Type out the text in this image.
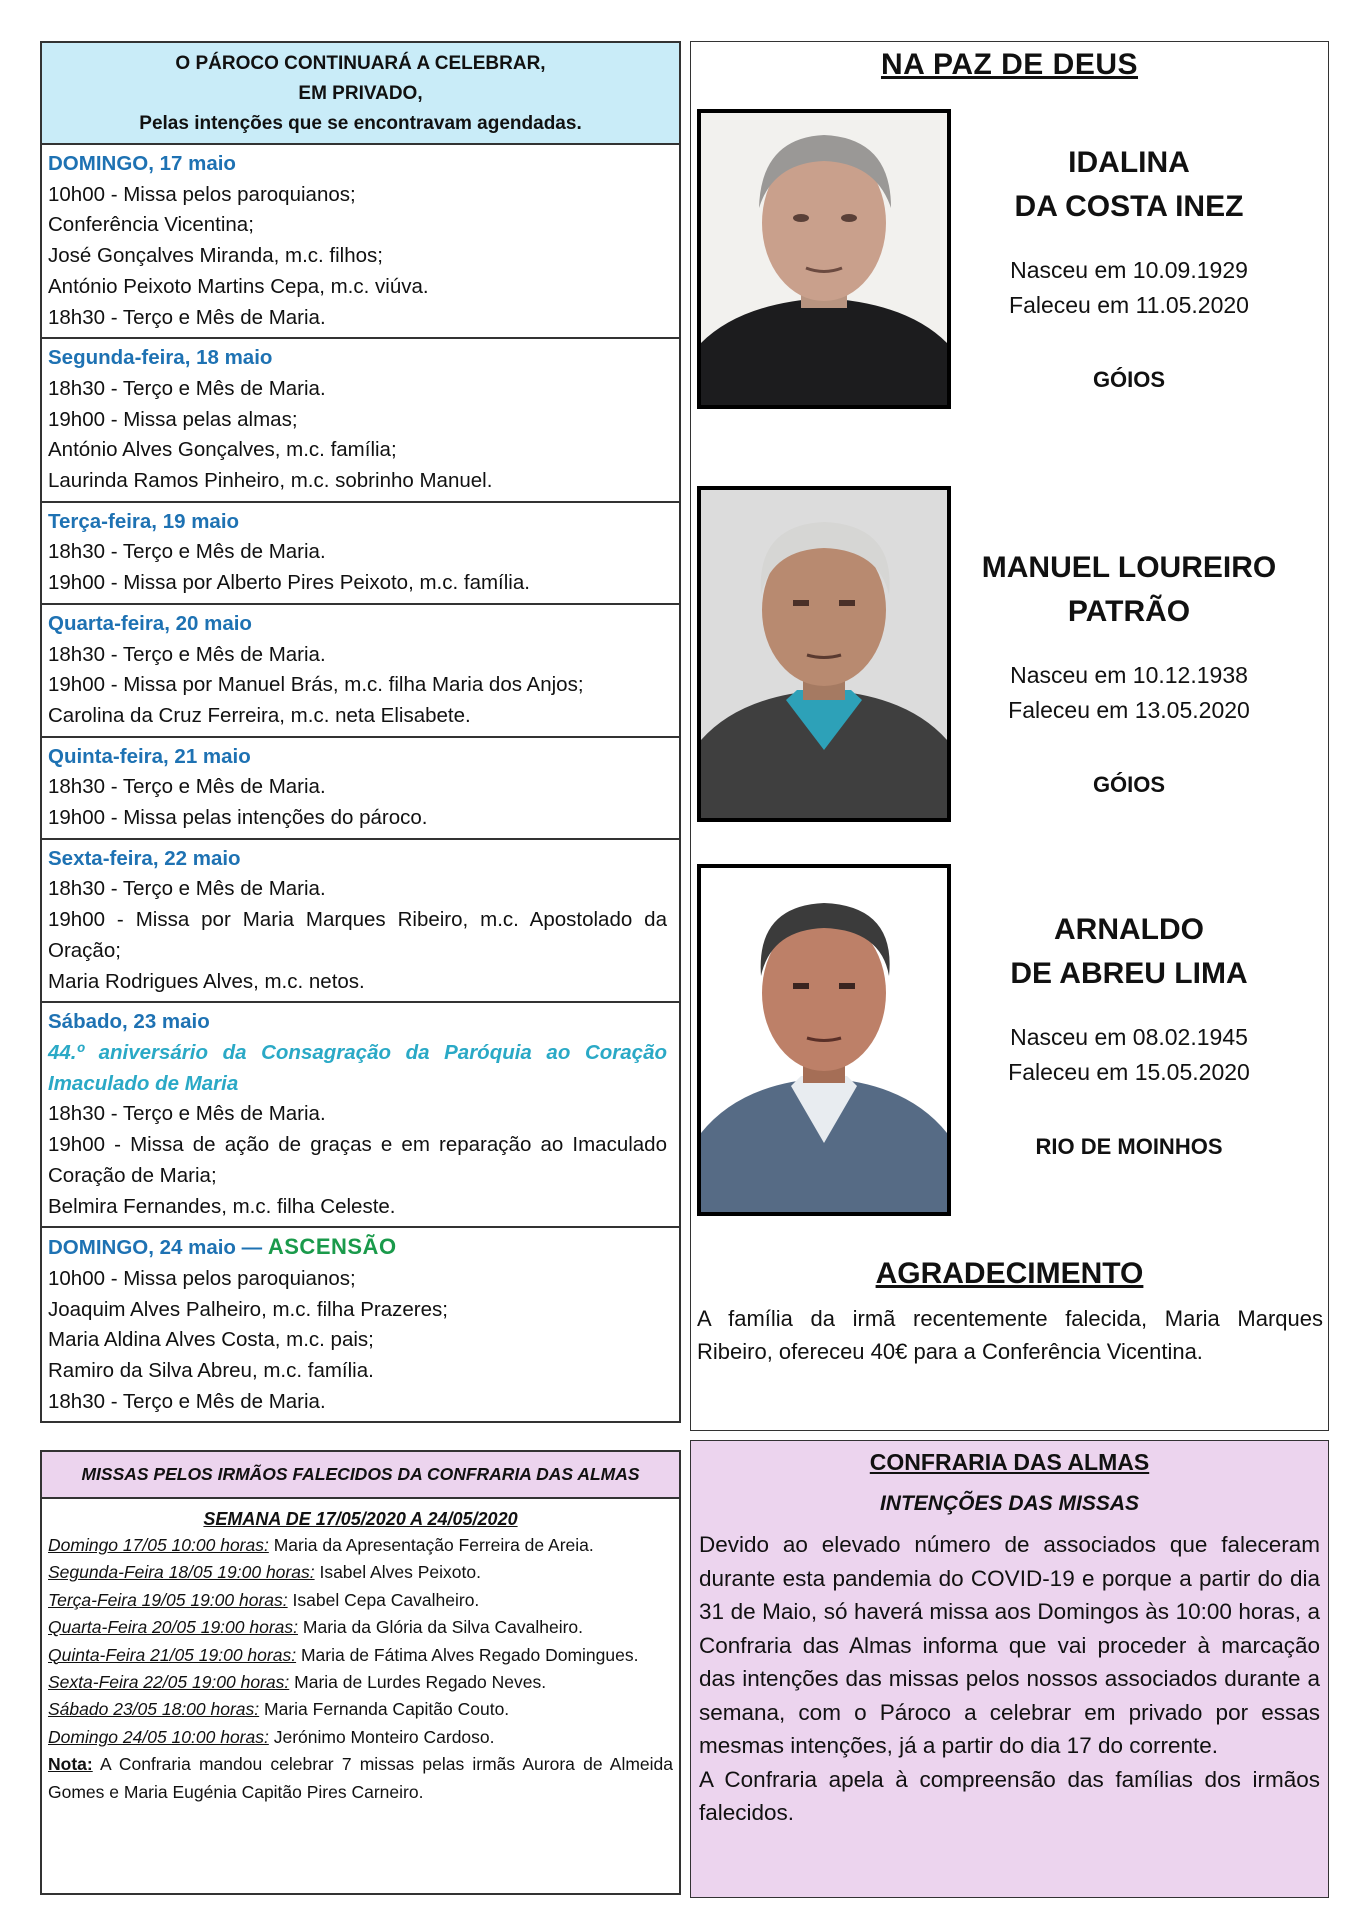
O PÁROCO CONTINUARÁ A CELEBRAR,
EM PRIVADO,
Pelas intenções que se encontravam agendadas.
DOMINGO, 17 maio
10h00 - Missa pelos paroquianos;
Conferência Vicentina;
José Gonçalves Miranda, m.c. filhos;
António Peixoto Martins Cepa, m.c. viúva.
18h30 - Terço e Mês de Maria.
Segunda-feira, 18 maio
18h30 - Terço e Mês de Maria.
19h00 - Missa pelas almas;
António Alves Gonçalves, m.c. família;
Laurinda Ramos Pinheiro, m.c. sobrinho Manuel.
Terça-feira, 19 maio
18h30 - Terço e Mês de Maria.
19h00 - Missa por Alberto Pires Peixoto, m.c. família.
Quarta-feira, 20 maio
18h30 - Terço e Mês de Maria.
19h00 - Missa por Manuel Brás, m.c. filha Maria dos Anjos;
Carolina da Cruz Ferreira, m.c. neta Elisabete.
Quinta-feira, 21 maio
18h30 - Terço e Mês de Maria.
19h00 - Missa pelas intenções do pároco.
Sexta-feira, 22 maio
18h30 - Terço e Mês de Maria.
19h00 - Missa por Maria Marques Ribeiro, m.c. Apostolado da Oração;
Maria Rodrigues Alves, m.c. netos.
Sábado, 23 maio
44.º aniversário da Consagração da Paróquia ao Coração Imaculado de Maria
18h30 - Terço e Mês de Maria.
19h00 - Missa de ação de graças e em reparação ao Imaculado Coração de Maria;
Belmira Fernandes, m.c. filha Celeste.
DOMINGO, 24 maio — ASCENSÃO
10h00 - Missa pelos paroquianos;
Joaquim Alves Palheiro, m.c. filha Prazeres;
Maria Aldina Alves Costa, m.c. pais;
Ramiro da Silva Abreu, m.c. família.
18h30 - Terço e Mês de Maria.
MISSAS PELOS IRMÃOS FALECIDOS DA CONFRARIA DAS ALMAS
SEMANA DE 17/05/2020 A 24/05/2020
Domingo 17/05 10:00 horas: Maria da Apresentação Ferreira de Areia.
Segunda-Feira 18/05 19:00 horas: Isabel Alves Peixoto.
Terça-Feira 19/05 19:00 horas: Isabel Cepa Cavalheiro.
Quarta-Feira 20/05 19:00 horas: Maria da Glória da Silva Cavalheiro.
Quinta-Feira 21/05 19:00 horas: Maria de Fátima Alves Regado Domingues.
Sexta-Feira 22/05 19:00 horas: Maria de Lurdes Regado Neves.
Sábado 23/05 18:00 horas: Maria Fernanda Capitão Couto.
Domingo 24/05 10:00 horas: Jerónimo Monteiro Cardoso.
Nota: A Confraria mandou celebrar 7 missas pelas irmãs Aurora de Almeida Gomes e Maria Eugénia Capitão Pires Carneiro.
NA PAZ DE DEUS
IDALINA
DA COSTA INEZ
Nasceu em 10.09.1929
Faleceu em 11.05.2020
GÓIOS
MANUEL LOUREIRO
PATRÃO
Nasceu em 10.12.1938
Faleceu em 13.05.2020
GÓIOS
ARNALDO
DE ABREU LIMA
Nasceu em 08.02.1945
Faleceu em 15.05.2020
RIO DE MOINHOS
AGRADECIMENTO
A família da irmã recentemente falecida, Maria Marques Ribeiro, ofereceu 40€ para a Conferência Vicentina.
CONFRARIA DAS ALMAS
INTENÇÕES DAS MISSAS
Devido ao elevado número de associados que faleceram durante esta pandemia do COVID-19 e porque a partir do dia 31 de Maio, só haverá missa aos Domingos às 10:00 horas, a Confraria das Almas informa que vai proceder à marcação das intenções das missas pelos nossos associados durante a semana, com o Pároco a celebrar em privado por essas mesmas intenções, já a partir do dia 17 do corrente.
A Confraria apela à compreensão das famílias dos irmãos falecidos.
